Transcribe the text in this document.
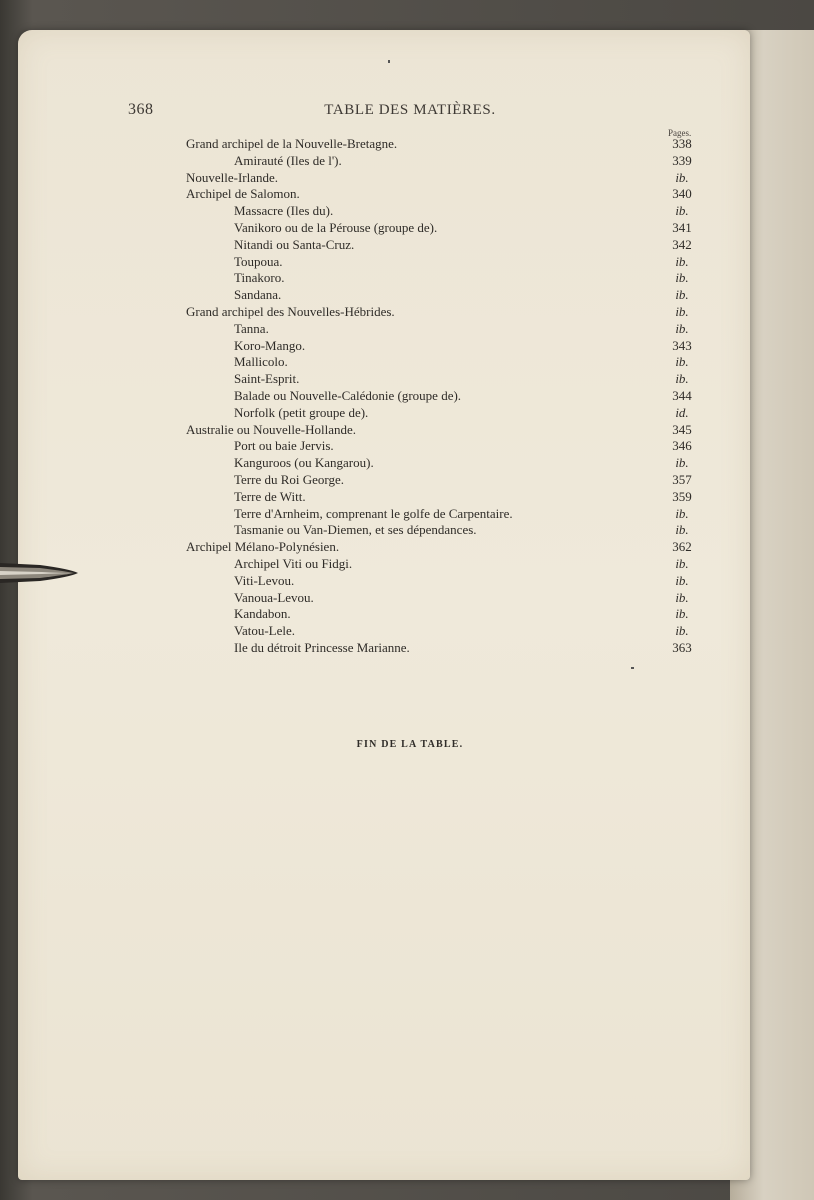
368	TABLE DES MATIÈRES.
Pages.
Grand archipel de la Nouvelle-Bretagne.	338
Amirauté (Iles de l').	339
Nouvelle-Irlande.	ib.
Archipel de Salomon.	340
Massacre (Iles du).	ib.
Vanikoro ou de la Pérouse (groupe de).	341
Nitandi ou Santa-Cruz.	342
Toupoua.	ib.
Tinakoro.	ib.
Sandana.	ib.
Grand archipel des Nouvelles-Hébrides.	ib.
Tanna.	ib.
Koro-Mango.	343
Mallicolo.	ib.
Saint-Esprit.	ib.
Balade ou Nouvelle-Calédonie (groupe de).	344
Norfolk (petit groupe de).	id.
Australie ou Nouvelle-Hollande.	345
Port ou baie Jervis.	346
Kanguroos (ou Kangarou).	ib.
Terre du Roi George.	357
Terre de Witt.	359
Terre d'Arnheim, comprenant le golfe de Carpentaire.	ib.
Tasmanie ou Van-Diemen, et ses dépendances.	ib.
Archipel Mélano-Polynésien.	362
Archipel Viti ou Fidgi.	ib.
Viti-Levou.	ib.
Vanoua-Levou.	ib.
Kandabon.	ib.
Vatou-Lele.	ib.
Ile du détroit Princesse Marianne.	363
FIN DE LA TABLE.
